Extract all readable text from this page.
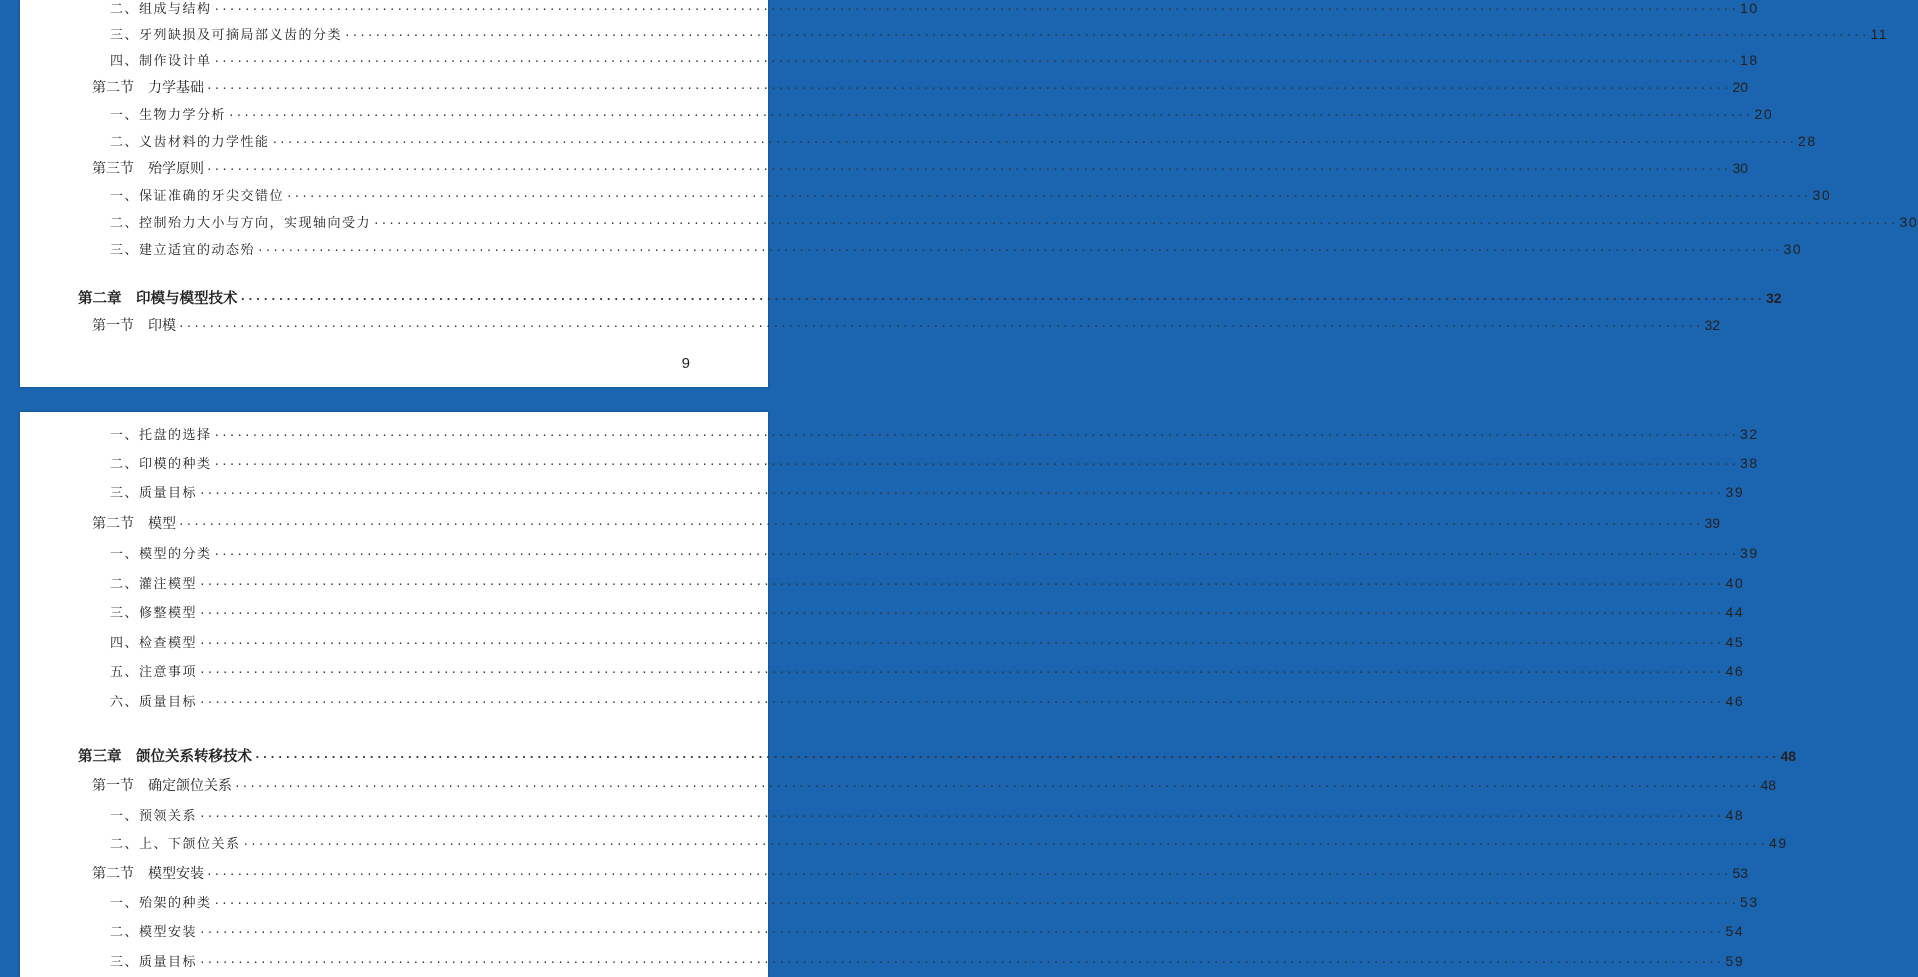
二、组成与结构 ········································································································································································································ 10
三、牙列缺损及可摘局部义齿的分类 ········································································································································································································ 11
四、制作设计单 ········································································································································································································ 18
第二节　力学基础 ········································································································································································································ 20
一、生物力学分析 ········································································································································································································ 20
二、义齿材料的力学性能 ········································································································································································································ 28
第三节　殆学原则 ········································································································································································································ 30
一、保证准确的牙尖交错位 ········································································································································································································ 30
二、控制殆力大小与方向，实现轴向受力 ········································································································································································································ 30
三、建立适宜的动态殆 ········································································································································································································ 30
第二章　印模与模型技术 ········································································································································································································ 32
第一节　印模 ········································································································································································································ 32
9
一、托盘的选择 ········································································································································································································ 32
二、印模的种类 ········································································································································································································ 38
三、质量目标 ········································································································································································································ 39
第二节　模型 ········································································································································································································ 39
一、模型的分类 ········································································································································································································ 39
二、灌注模型 ········································································································································································································ 40
三、修整模型 ········································································································································································································ 44
四、检查模型 ········································································································································································································ 45
五、注意事项 ········································································································································································································ 46
六、质量目标 ········································································································································································································ 46
第三章　颌位关系转移技术 ········································································································································································································ 48
第一节　确定颌位关系 ········································································································································································································ 48
一、预领关系 ········································································································································································································ 48
二、上、下颌位关系 ········································································································································································································ 49
第二节　模型安装 ········································································································································································································ 53
一、殆架的种类 ········································································································································································································ 53
二、模型安装 ········································································································································································································ 54
三、质量目标 ········································································································································································································ 59
